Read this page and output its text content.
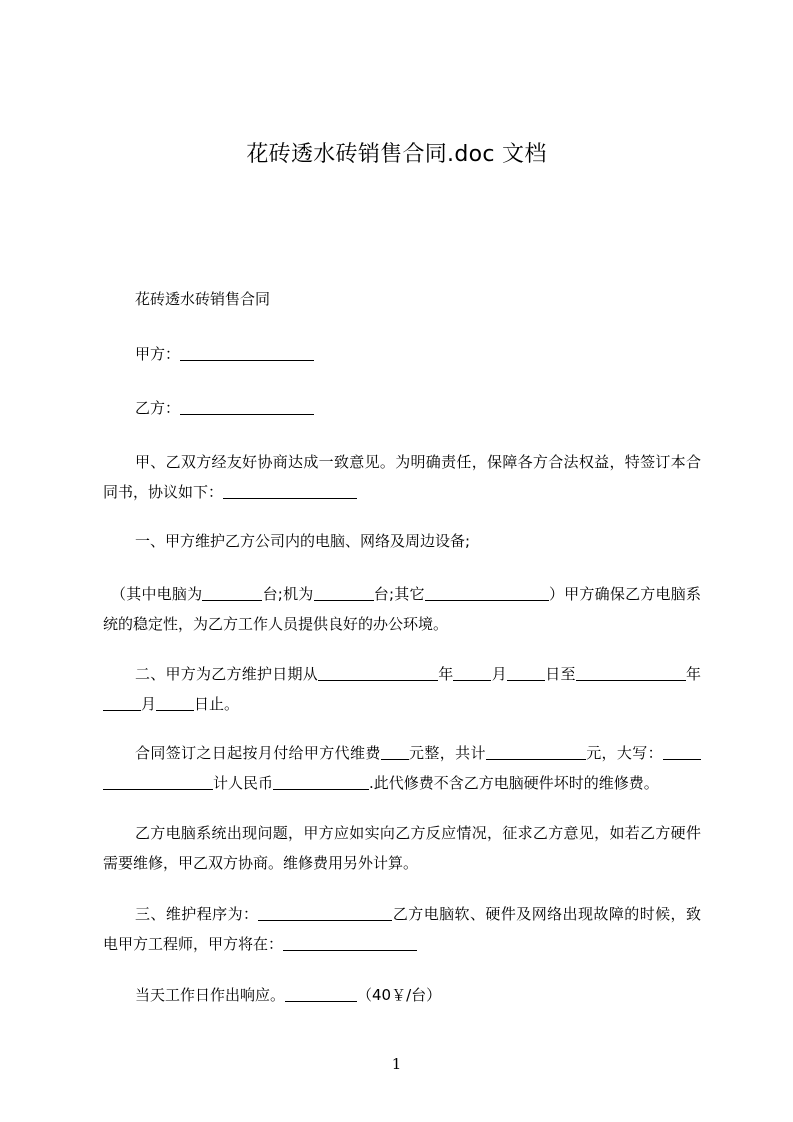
花砖透水砖销售合同.doc 文档
花砖透水砖销售合同
甲方：
乙方：
甲、乙双方经友好协商达成一致意见。为明确责任，保障各方合法权益，特签订本合同书，协议如下：
一、甲方维护乙方公司内的电脑、网络及周边设备;
（其中电脑为	台;机为	台;其它	）甲方确保乙方电脑系统的稳定性，为乙方工作人员提供良好的办公环境。
二、甲方为乙方维护日期从	年	月	日至	年月	日止。
合同签订之日起按月付给甲方代维费 元整，共计	元，大写：计人民币	.此代修费不含乙方电脑硬件坏时的维修费。
乙方电脑系统出现问题，甲方应如实向乙方反应情况，征求乙方意见，如若乙方硬件需要维修，甲乙双方协商。维修费用另外计算。
三、维护程序为：	乙方电脑软、硬件及网络出现故障的时候，致电甲方工程师，甲方将在：
当天工作日作出响应。	（40￥/台）
1
